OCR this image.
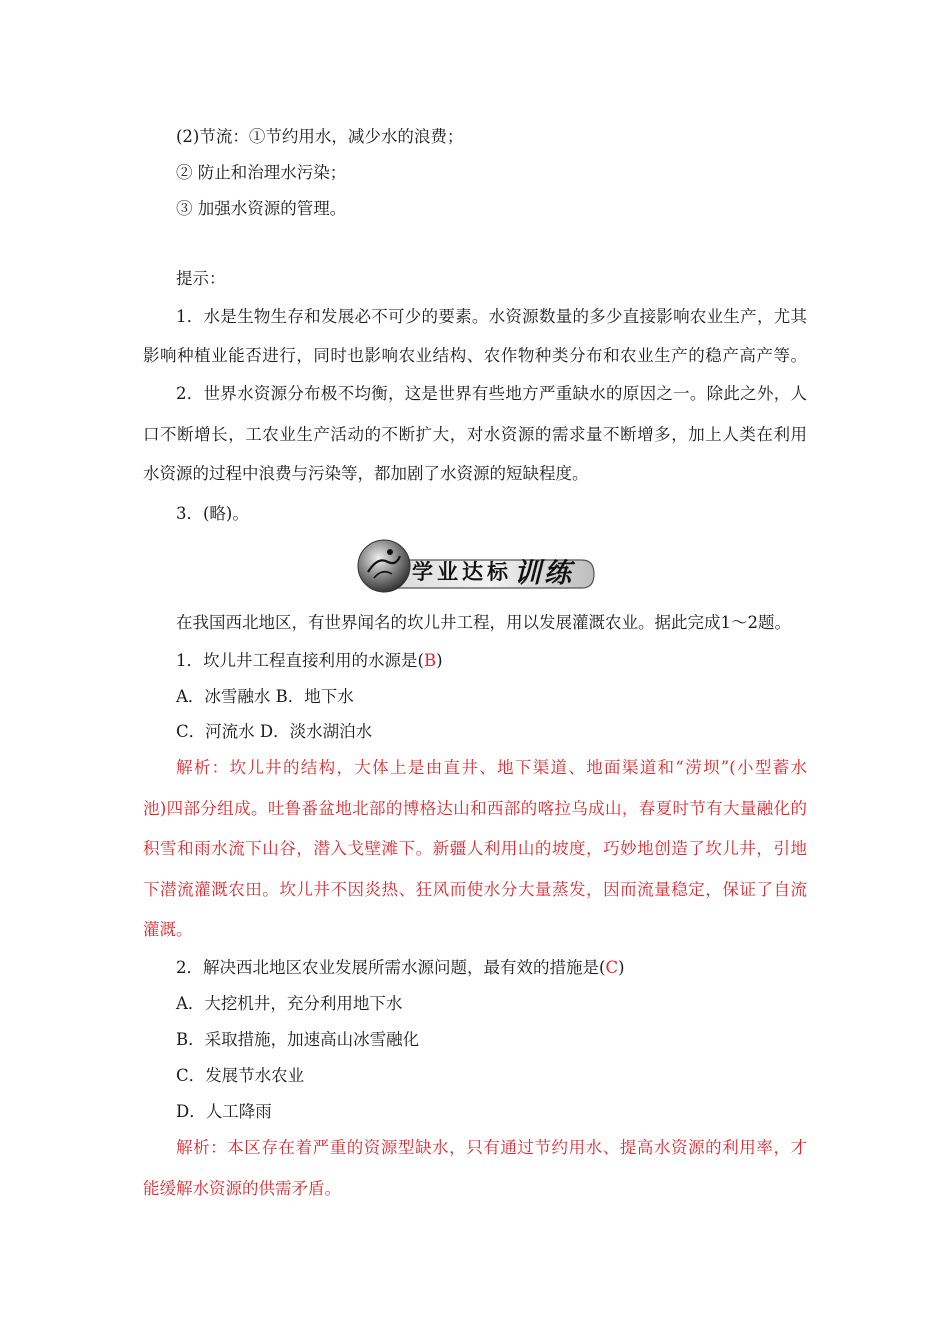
(2)节流：①节约用水，减少水的浪费；
② 防止和治理水污染；
③ 加强水资源的管理。
提示：
1．水是生物生存和发展必不可少的要素。水资源数量的多少直接影响农业生产，尤其
影响种植业能否进行，同时也影响农业结构、农作物种类分布和农业生产的稳产高产等。
2．世界水资源分布极不均衡，这是世界有些地方严重缺水的原因之一。除此之外，人
口不断增长，工农业生产活动的不断扩大，对水资源的需求量不断增多，加上人类在利用
水资源的过程中浪费与污染等，都加剧了水资源的短缺程度。
3．(略)。
学业达标 训练
在我国西北地区，有世界闻名的坎儿井工程，用以发展灌溉农业。据此完成1～2题。
1．坎儿井工程直接利用的水源是(B)
A．冰雪融水 B．地下水
C．河流水 D．淡水湖泊水
解析：坎儿井的结构，大体上是由直井、地下渠道、地面渠道和“涝坝”(小型蓄水
池)四部分组成。吐鲁番盆地北部的博格达山和西部的喀拉乌成山，春夏时节有大量融化的
积雪和雨水流下山谷，潜入戈壁滩下。新疆人利用山的坡度，巧妙地创造了坎儿井，引地
下潜流灌溉农田。坎儿井不因炎热、狂风而使水分大量蒸发，因而流量稳定，保证了自流
灌溉。
2．解决西北地区农业发展所需水源问题，最有效的措施是(C)
A．大挖机井，充分利用地下水
B．采取措施，加速高山冰雪融化
C．发展节水农业
D．人工降雨
解析：本区存在着严重的资源型缺水，只有通过节约用水、提高水资源的利用率，才
能缓解水资源的供需矛盾。
